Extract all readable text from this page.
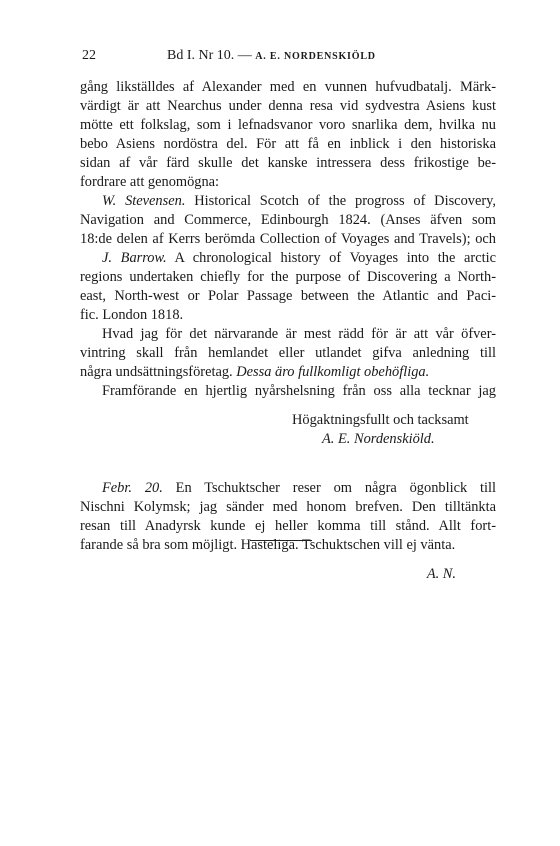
22	Bd I. Nr 10. — A. E. NORDENSKIÖLD
gång likställdes af Alexander med en vunnen hufvudbatalj. Märk-
värdigt är att Nearchus under denna resa vid sydvestra Asiens kust
mötte ett folkslag, som i lefnadsvanor voro snarlika dem, hvilka nu
bebo Asiens nordöstra del. För att få en inblick i den historiska
sidan af vår färd skulle det kanske intressera dess frikostige be-
fordrare att genomögna:
W. Stevensen. Historical Scotch of the progross of Discovery,
Navigation and Commerce, Edinbourgh 1824. (Anses äfven som
18:de delen af Kerrs berömda Collection of Voyages and Travels); och
J. Barrow. A chronological history of Voyages into the arctic
regions undertaken chiefly for the purpose of Discovering a North-
east, North-west or Polar Passage between the Atlantic and Paci-
fic. London 1818.
Hvad jag för det närvarande är mest rädd för är att vår öfver-
vintring skall från hemlandet eller utlandet gifva anledning till
några undsättningsföretag. Dessa äro fullkomligt obehöfliga.
Framförande en hjertlig nyårshelsning från oss alla tecknar jag
Högaktningsfullt och tacksamt
A. E. Nordenskiöld.
Febr. 20. En Tschuktscher reser om några ögonblick till
Nischni Kolymsk; jag sänder med honom brefven. Den tilltänkta
resan till Anadyrsk kunde ej heller komma till stånd. Allt fort-
farande så bra som möjligt. Hasteliga. Tschuktschen vill ej vänta.
A. N.
